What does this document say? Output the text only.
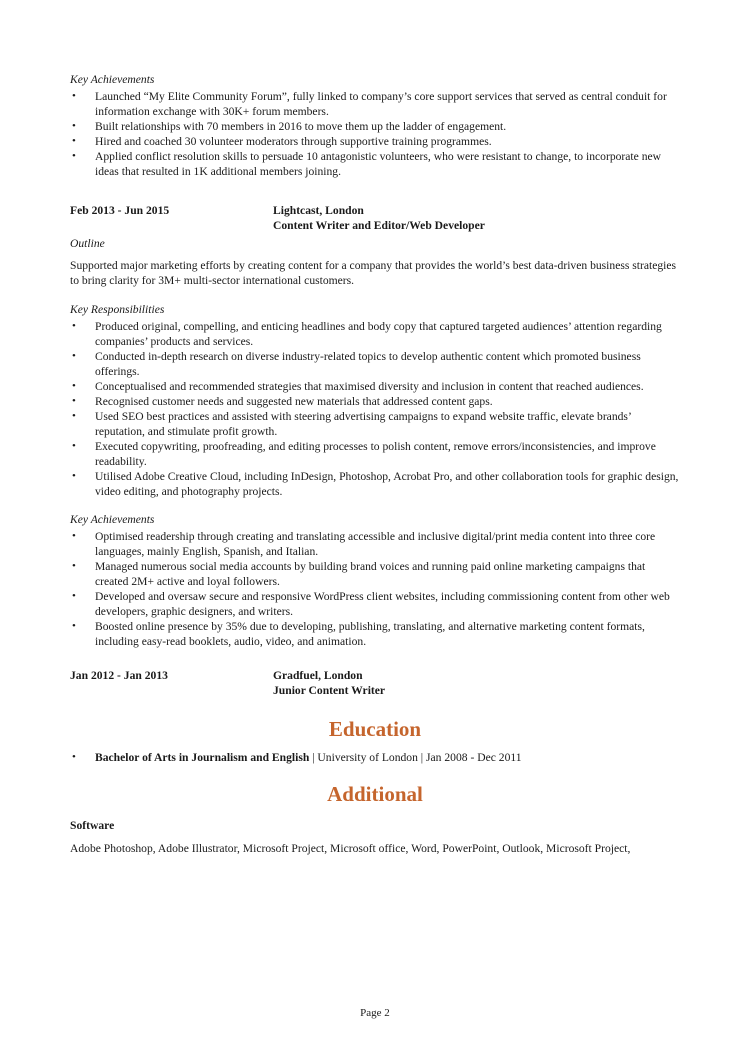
Key Achievements

• Launched “My Elite Community Forum”, fully linked to company’s core support services that served as central conduit for information exchange with 30K+ forum members.
• Built relationships with 70 members in 2016 to move them up the ladder of engagement.
• Hired and coached 30 volunteer moderators through supportive training programmes.
• Applied conflict resolution skills to persuade 10 antagonistic volunteers, who were resistant to change, to incorporate new ideas that resulted in 1K additional members joining.
Feb 2013 - Jun 2015	Lightcast, London
Content Writer and Editor/Web Developer

Outline

Supported major marketing efforts by creating content for a company that provides the world’s best data-driven business strategies to bring clarity for 3M+ multi-sector international customers.

Key Responsibilities

• Produced original, compelling, and enticing headlines and body copy that captured targeted audiences’ attention regarding companies’ products and services.
• Conducted in-depth research on diverse industry-related topics to develop authentic content which promoted business offerings.
• Conceptualised and recommended strategies that maximised diversity and inclusion in content that reached audiences.
• Recognised customer needs and suggested new materials that addressed content gaps.
• Used SEO best practices and assisted with steering advertising campaigns to expand website traffic, elevate brands’ reputation, and stimulate profit growth.
• Executed copywriting, proofreading, and editing processes to polish content, remove errors/inconsistencies, and improve readability.
• Utilised Adobe Creative Cloud, including InDesign, Photoshop, Acrobat Pro, and other collaboration tools for graphic design, video editing, and photography projects.

Key Achievements

• Optimised readership through creating and translating accessible and inclusive digital/print media content into three core languages, mainly English, Spanish, and Italian.
• Managed numerous social media accounts by building brand voices and running paid online marketing campaigns that created 2M+ active and loyal followers.
• Developed and oversaw secure and responsive WordPress client websites, including commissioning content from other web developers, graphic designers, and writers.
• Boosted online presence by 35% due to developing, publishing, translating, and alternative marketing content formats, including easy-read booklets, audio, video, and animation.
Jan 2012 - Jan 2013	Gradfuel, London
Junior Content Writer
Education
• Bachelor of Arts in Journalism and English | University of London | Jan 2008 - Dec 2011
Additional

Software

Adobe Photoshop, Adobe Illustrator, Microsoft Project, Microsoft office, Word, PowerPoint, Outlook, Microsoft Project,

Page 2
